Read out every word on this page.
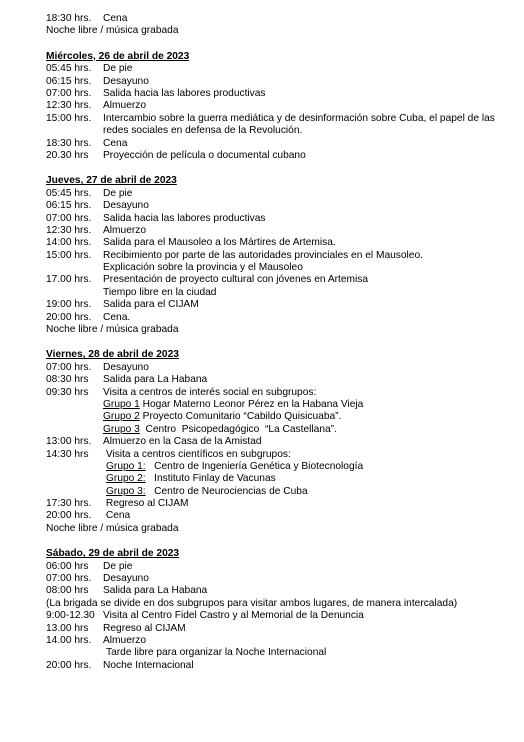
18:30 hrs. Cena
Noche libre / música grabada
Miércoles, 26 de abril de 2023
05:45 hrs. De pie
06:15 hrs. Desayuno
07:00 hrs. Salida hacia las labores productivas
12:30 hrs. Almuerzo
15:00 hrs. Intercambio sobre la guerra mediática y de desinformación sobre Cuba, el papel de las redes sociales en defensa de la Revolución.
18:30 hrs. Cena
20.30 hrs Proyección de película o documental cubano
Jueves, 27 de abril de 2023
05:45 hrs. De pie
06:15 hrs. Desayuno
07:00 hrs. Salida hacia las labores productivas
12:30 hrs. Almuerzo
14:00 hrs. Salida para el Mausoleo a los Mártires de Artemisa.
15:00 hrs. Recibimiento por parte de las autoridades provinciales en el Mausoleo.
Explicación sobre la provincia y el Mausoleo
17.00 hrs. Presentación de proyecto cultural con jóvenes en Artemisa
Tiempo libre en la ciudad
19:00 hrs. Salida para el CIJAM
20:00 hrs. Cena.
Noche libre / música grabada
Viernes, 28 de abril de 2023
07:00 hrs. Desayuno
08:30 hrs Salida para La Habana
09:30 hrs Visita a centros de interés social en subgrupos:
Grupo 1 Hogar Materno Leonor Pérez en la Habana Vieja
Grupo 2 Proyecto Comunitario “Cabildo Quisicuaba”.
Grupo 3  Centro  Psicopedagógico  “La Castellana”.
13:00 hrs. Almuerzo en la Casa de la Amistad
14:30 hrs Visita a centros científicos en subgrupos:
Grupo 1:   Centro de Ingeniería Genética y Biotecnología
Grupo 2:   Instituto Finlay de Vacunas
Grupo 3:   Centro de Neurociencias de Cuba
17:30 hrs. Regreso al CIJAM
20:00 hrs. Cena
Noche libre / música grabada
Sábado, 29 de abril de 2023
06:00 hrs De pie
07:00 hrs. Desayuno
08:00 hrs Salida para La Habana
(La brigada se divide en dos subgrupos para visitar ambos lugares, de manera intercalada)
9:00-12.30 Visita al Centro Fidel Castro y al Memorial de la Denuncia
13.00 hrs Regreso al CIJAM
14.00 hrs. Almuerzo
Tarde libre para organizar la Noche Internacional
20:00 hrs. Noche Internacional
